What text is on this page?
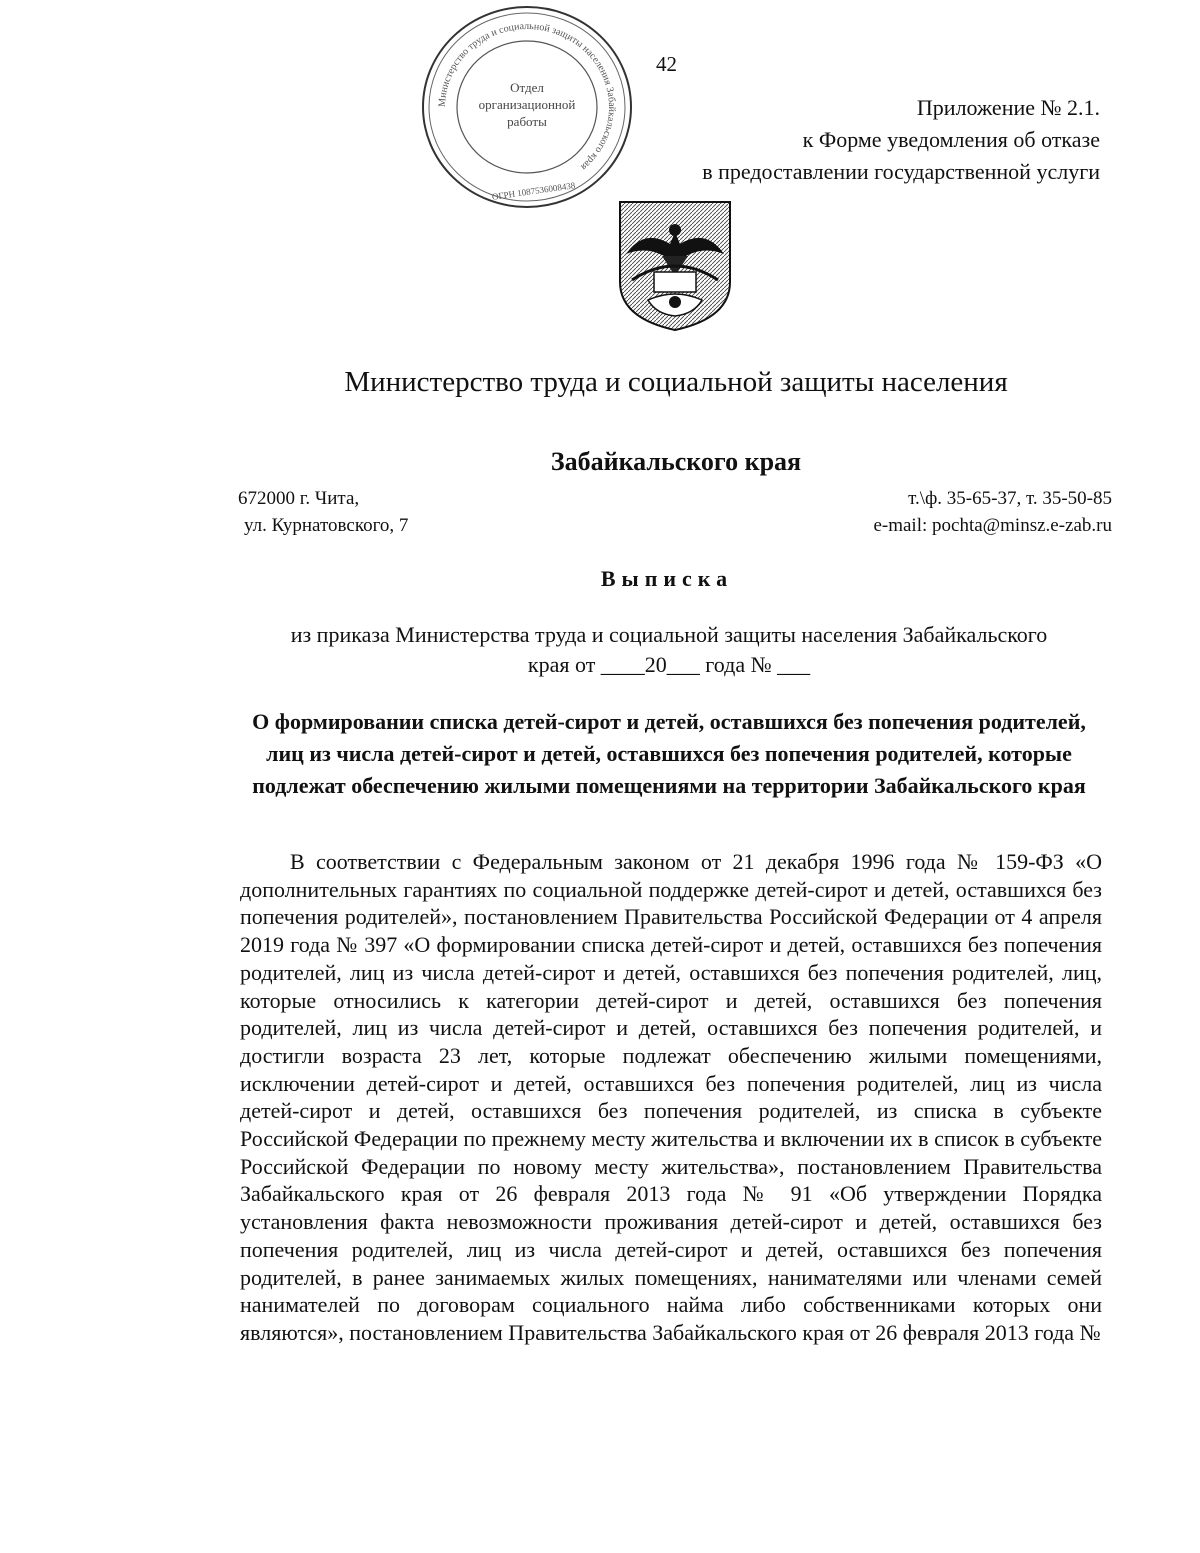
Министерство труда и социальной защиты населения Забайкальского края
Отдел
организационной
работы
ОГРН 1087536008438
42
Приложение № 2.1.
к Форме уведомления об отказе
в предоставлении государственной услуги
Министерство труда и социальной защиты населения
Забайкальского края
672000 г. Чита,
ул. Курнатовского, 7
т.\ф. 35-65-37, т. 35-50-85
e-mail: pochta@minsz.e-zab.ru
Выписка
из приказа Министерства труда и социальной защиты населения Забайкальского
края от ____20___ года № ___
О формировании списка детей-сирот и детей, оставшихся без попечения родителей, лиц из числа детей-сирот и детей, оставшихся без попечения родителей, которые подлежат обеспечению жилыми помещениями на территории Забайкальского края

В соответствии с Федеральным законом от 21 декабря 1996 года № 159-ФЗ «О дополнительных гарантиях по социальной поддержке детей-сирот и детей, оставшихся без попечения родителей», постановлением Правительства Российской Федерации от 4 апреля 2019 года № 397 «О формировании списка детей-сирот и детей, оставшихся без попечения родителей, лиц из числа детей-сирот и детей, оставшихся без попечения родителей, лиц, которые относились к категории детей-сирот и детей, оставшихся без попечения родителей, лиц из числа детей-сирот и детей, оставшихся без попечения родителей, и достигли возраста 23 лет, которые подлежат обеспечению жилыми помещениями, исключении детей-сирот и детей, оставшихся без попечения родителей, лиц из числа детей-сирот и детей, оставшихся без попечения родителей, из списка в субъекте Российской Федерации по прежнему месту жительства и включении их в список в субъекте Российской Федерации по новому месту жительства», постановлением Правительства Забайкальского края от 26 февраля 2013 года № 91 «Об утверждении Порядка установления факта невозможности проживания детей-сирот и детей, оставшихся без попечения родителей, лиц из числа детей-сирот и детей, оставшихся без попечения родителей, в ранее занимаемых жилых помещениях, нанимателями или членами семей нанимателей по договорам социального найма либо собственниками которых они являются», постановлением Правительства Забайкальского края от 26 февраля 2013 года №
